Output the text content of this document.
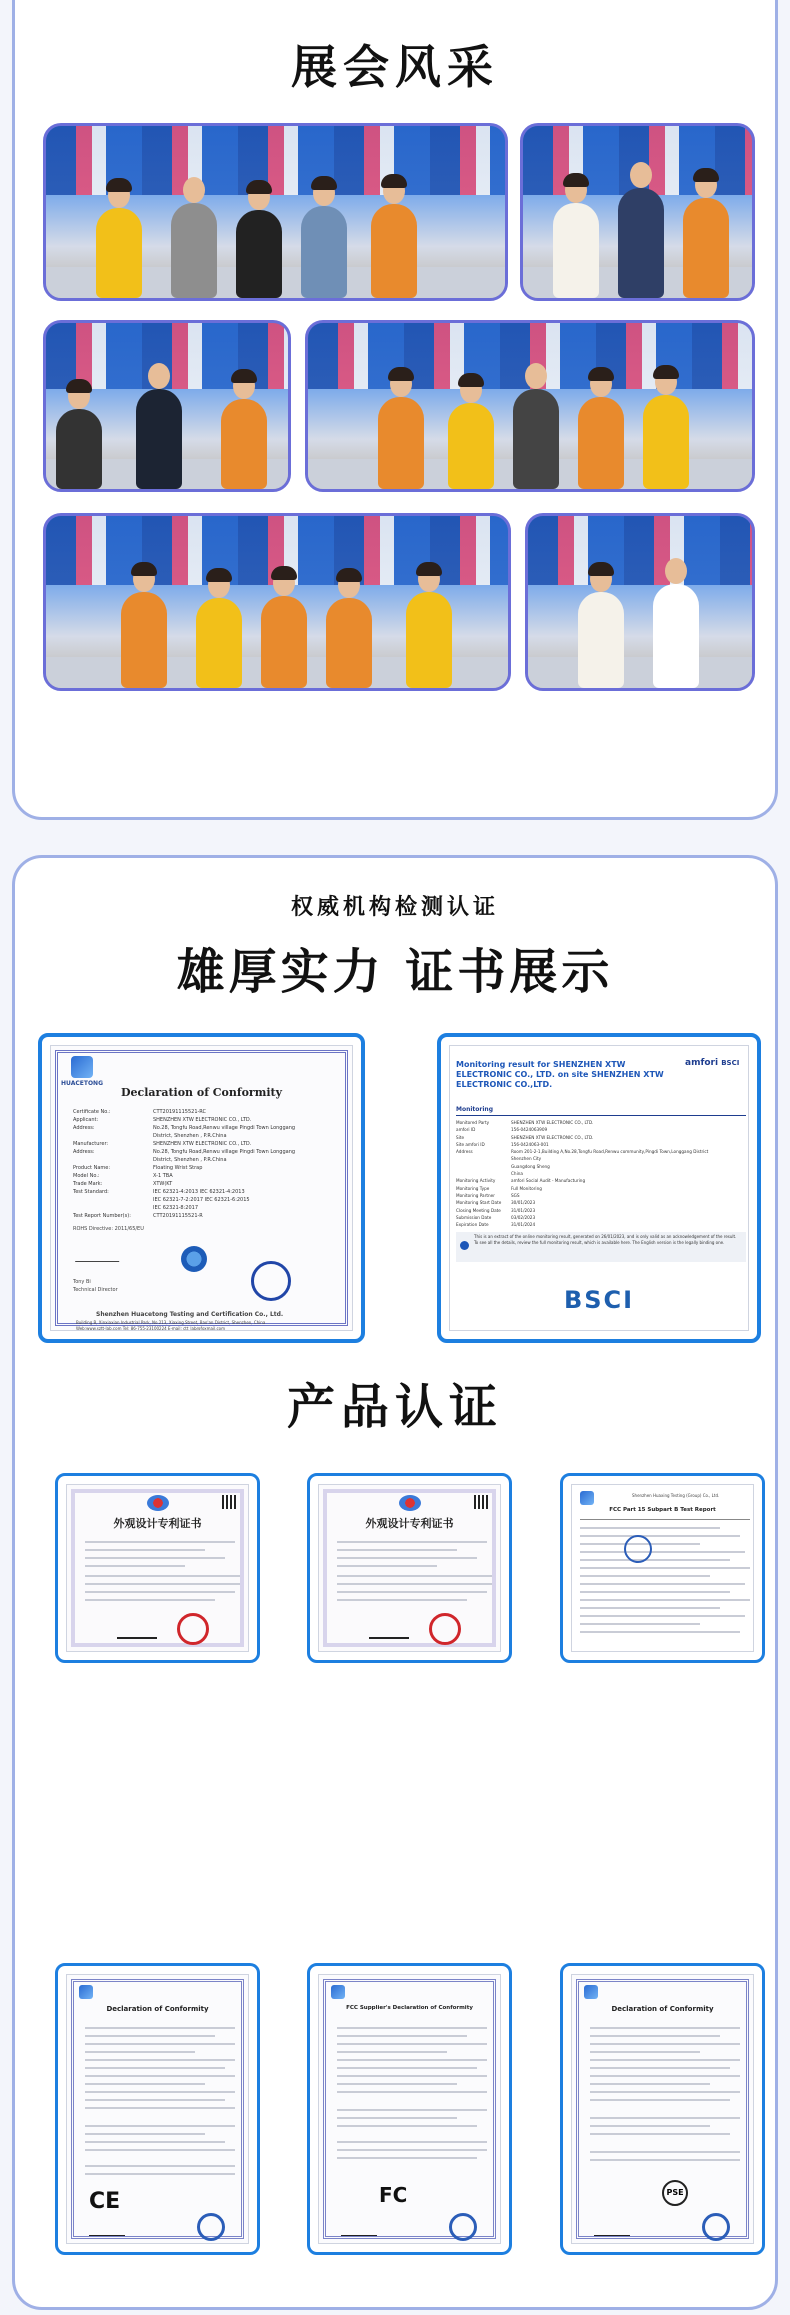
展会风采
权威机构检测认证
雄厚实力 证书展示
HUACETONG
Declaration of Conformity
Certificate No.:	CTT20191115521-RC
Applicant:	SHENZHEN XTW ELECTRONIC CO., LTD.
Address:	No.28, Tongfu Road,Renwu village Pingdi Town Longgang
District, Shenzhen , P.R.China
Manufacturer:	SHENZHEN XTW ELECTRONIC CO., LTD.
Address:	No.28, Tongfu Road,Renwu village Pingdi Town Longgang
District, Shenzhen , P.R.China
Product Name:	Floating Wrist Strap
Model No.:	X-1 TBA
Trade Mark:	XTW(KT
Test Standard:	IEC 62321-4:2013 IEC 62321-4:2013
IEC 62321-7-2:2017 IEC 62321-6:2015
IEC 62321-8:2017
Test Report Number(s):	CTT20191115521-R
ROHS Directive: 2011/65/EU
Tony Bi
Technical Director
Shenzhen Huacetong Testing and Certification Co., Ltd.
Building B, Xinxiaxian Industrial Park, No.213, Xiaxing Street, Bao'an District, Shenzhen, China
Web:www.sztt-lab.com Tel: 86-755-23100224 E-mail: ctt_lab@foxmail.com
amfori BSCI
Monitoring result for SHENZHEN XTW ELECTRONIC CO., LTD. on site SHENZHEN XTW ELECTRONIC CO.,LTD.
Monitoring
Monitored Party	SHENZHEN XTW ELECTRONIC CO., LTD.
amfori ID	156-0424063909
Site	SHENZHEN XTW ELECTRONIC CO., LTD.
Site amfori ID	156-0424063-001
Address	Room 201-2-1,Building A,No.28,Tongfu Road,Renwu community,Pingdi Town,Longgang District
Shenzhen City
Guangdong Sheng
China
Monitoring Activity	amfori Social Audit - Manufacturing
Monitoring Type	Full Monitoring
Monitoring Partner	SGS
Monitoring Start Date	30/01/2023
Closing Meeting Date	31/01/2023
Submission Date	03/02/2023
Expiration Date	31/01/2024
This is an extract of the online monitoring result, generated on 26/01/2023, and is only valid as an acknowledgement of the result. To see all the details, review the full monitoring result, which is available here. The English version is the legally binding one.
BSCI
产品认证
外观设计专利证书	外观设计专利证书
Shenzhen Huaxing Testing (Group) Co., Ltd.
FCC Part 15 Subpart B Test Report
Declaration of Conformity
CE
FCC Supplier's Declaration of Conformity
FC
Declaration of Conformity
PSE
